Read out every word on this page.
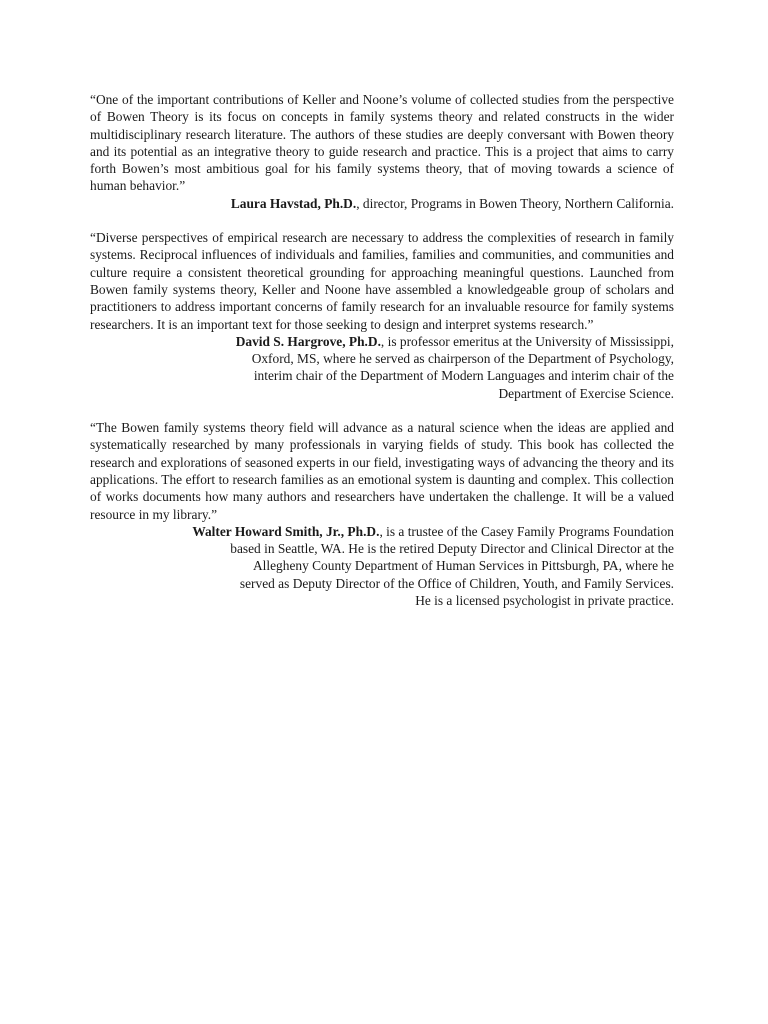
“One of the important contributions of Keller and Noone’s volume of collected studies from the perspective of Bowen Theory is its focus on concepts in family systems theory and related constructs in the wider multidisciplinary research literature. The authors of these studies are deeply conversant with Bowen theory and its potential as an integrative theory to guide research and practice. This is a project that aims to carry forth Bowen’s most ambitious goal for his family systems theory, that of moving towards a science of human behavior.”

Laura Havstad, Ph.D., director, Programs in Bowen Theory, Northern California.

“Diverse perspectives of empirical research are necessary to address the complexities of research in family systems. Reciprocal influences of individuals and families, families and communities, and communities and culture require a consistent theoretical grounding for approaching meaningful questions. Launched from Bowen family systems theory, Keller and Noone have assembled a knowledgeable group of scholars and practitioners to address important concerns of family research for an invaluable resource for family systems researchers. It is an important text for those seeking to design and interpret systems research.”

David S. Hargrove, Ph.D., is professor emeritus at the University of Mississippi,
Oxford, MS, where he served as chairperson of the Department of Psychology,
interim chair of the Department of Modern Languages and interim chair of the
Department of Exercise Science.

“The Bowen family systems theory field will advance as a natural science when the ideas are applied and systematically researched by many professionals in varying fields of study. This book has collected the research and explorations of seasoned experts in our field, investigating ways of advancing the theory and its applications. The effort to research families as an emotional system is daunting and complex. This collection of works documents how many authors and researchers have undertaken the challenge. It will be a valued resource in my library.”

Walter Howard Smith, Jr., Ph.D., is a trustee of the Casey Family Programs Foundation
based in Seattle, WA. He is the retired Deputy Director and Clinical Director at the
Allegheny County Department of Human Services in Pittsburgh, PA, where he
served as Deputy Director of the Office of Children, Youth, and Family Services.
He is a licensed psychologist in private practice.
